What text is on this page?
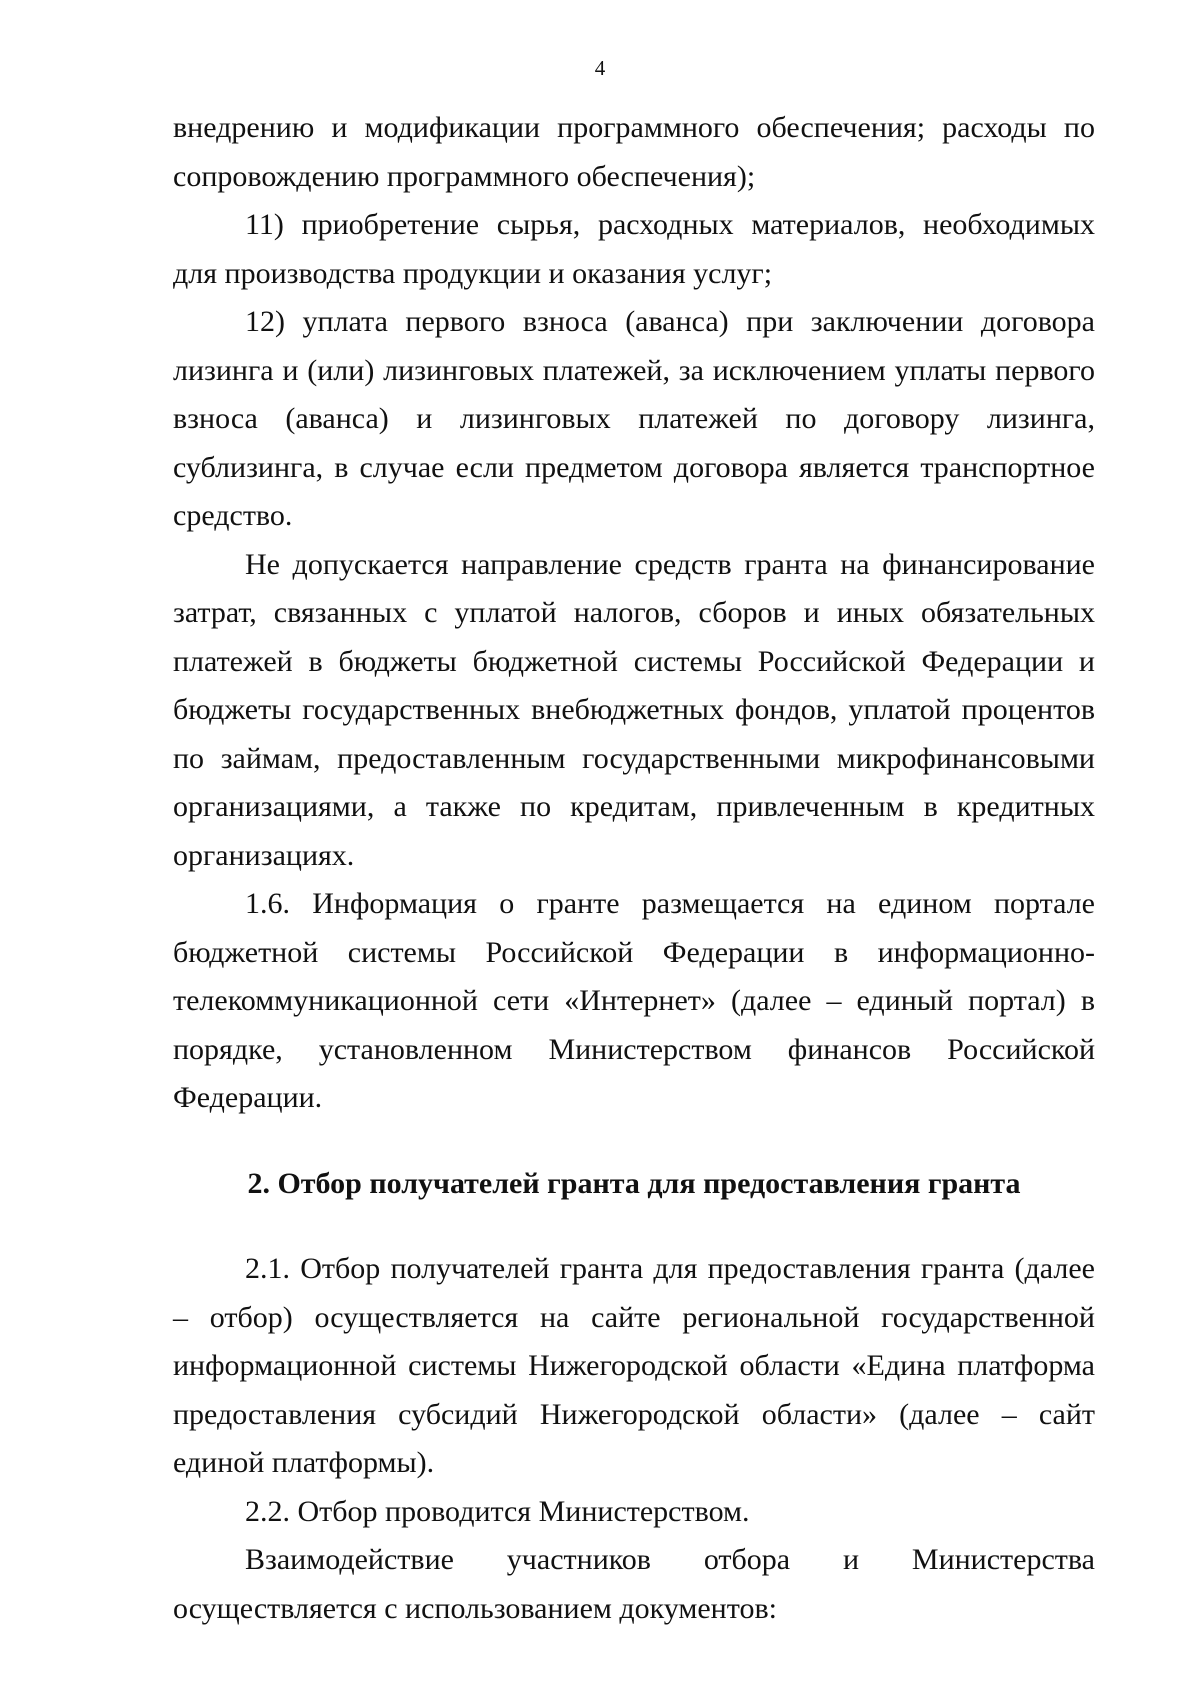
4

внедрению и модификации программного обеспечения; расходы по сопровождению программного обеспечения);

11) приобретение сырья, расходных материалов, необходимых для производства продукции и оказания услуг;

12) уплата первого взноса (аванса) при заключении договора лизинга и (или) лизинговых платежей, за исключением уплаты первого взноса (аванса) и лизинговых платежей по договору лизинга, сублизинга, в случае если предметом договора является транспортное средство.

Не допускается направление средств гранта на финансирование затрат, связанных с уплатой налогов, сборов и иных обязательных платежей в бюджеты бюджетной системы Российской Федерации и бюджеты государственных внебюджетных фондов, уплатой процентов по займам, предоставленным государственными микрофинансовыми организациями, а также по кредитам, привлеченным в кредитных организациях.

1.6. Информация о гранте размещается на едином портале бюджетной системы Российской Федерации в информационно-телекоммуникационной сети «Интернет» (далее – единый портал) в порядке, установленном Министерством финансов Российской Федерации.

2. Отбор получателей гранта для предоставления гранта

2.1. Отбор получателей гранта для предоставления гранта (далее – отбор) осуществляется на сайте региональной государственной информационной системы Нижегородской области «Едина платформа предоставления субсидий Нижегородской области» (далее – сайт единой платформы).

2.2. Отбор проводится Министерством.

Взаимодействие участников отбора и Министерства осуществляется с использованием документов:
